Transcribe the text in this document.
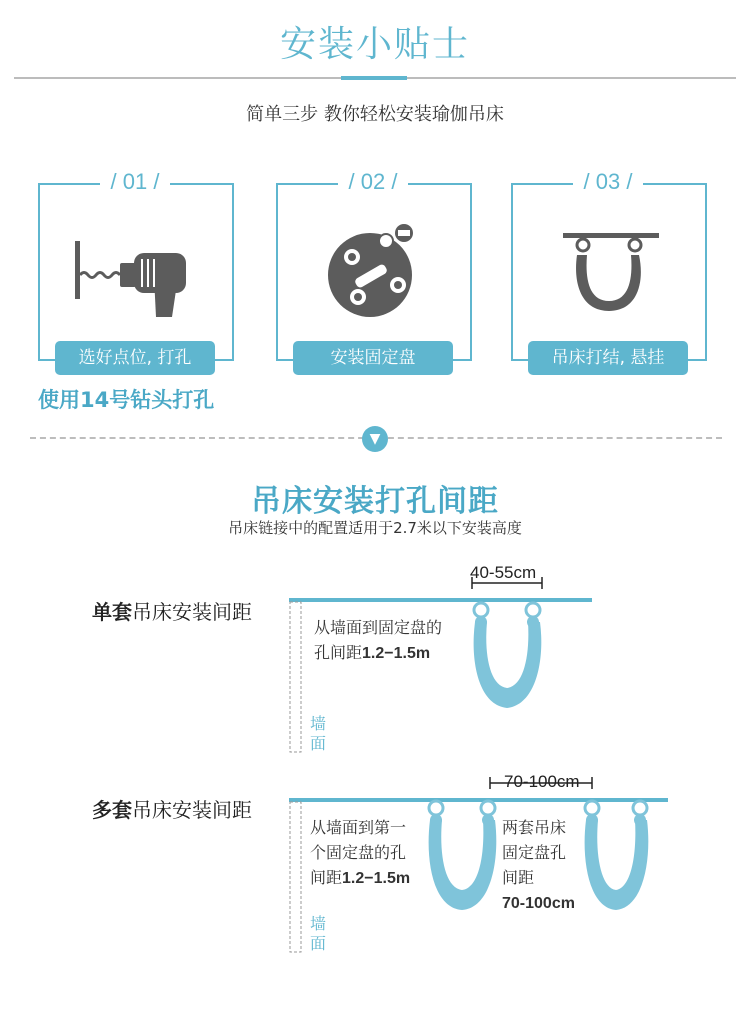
安装小贴士
简单三步 教你轻松安装瑜伽吊床
/ 01 /
选好点位, 打孔
/ 02 /
安装固定盘
/ 03 /
吊床打结, 悬挂
使用14号钻头打孔
▼
吊床安装打孔间距
吊床链接中的配置适用于2.7米以下安装高度
单套吊床安装间距
40-55cm
从墙面到固定盘的
孔间距1.2−1.5m
墙面
多套吊床安装间距
70-100cm
从墙面到第一
个固定盘的孔
间距1.2−1.5m
两套吊床
固定盘孔
间距
70-100cm
墙面
